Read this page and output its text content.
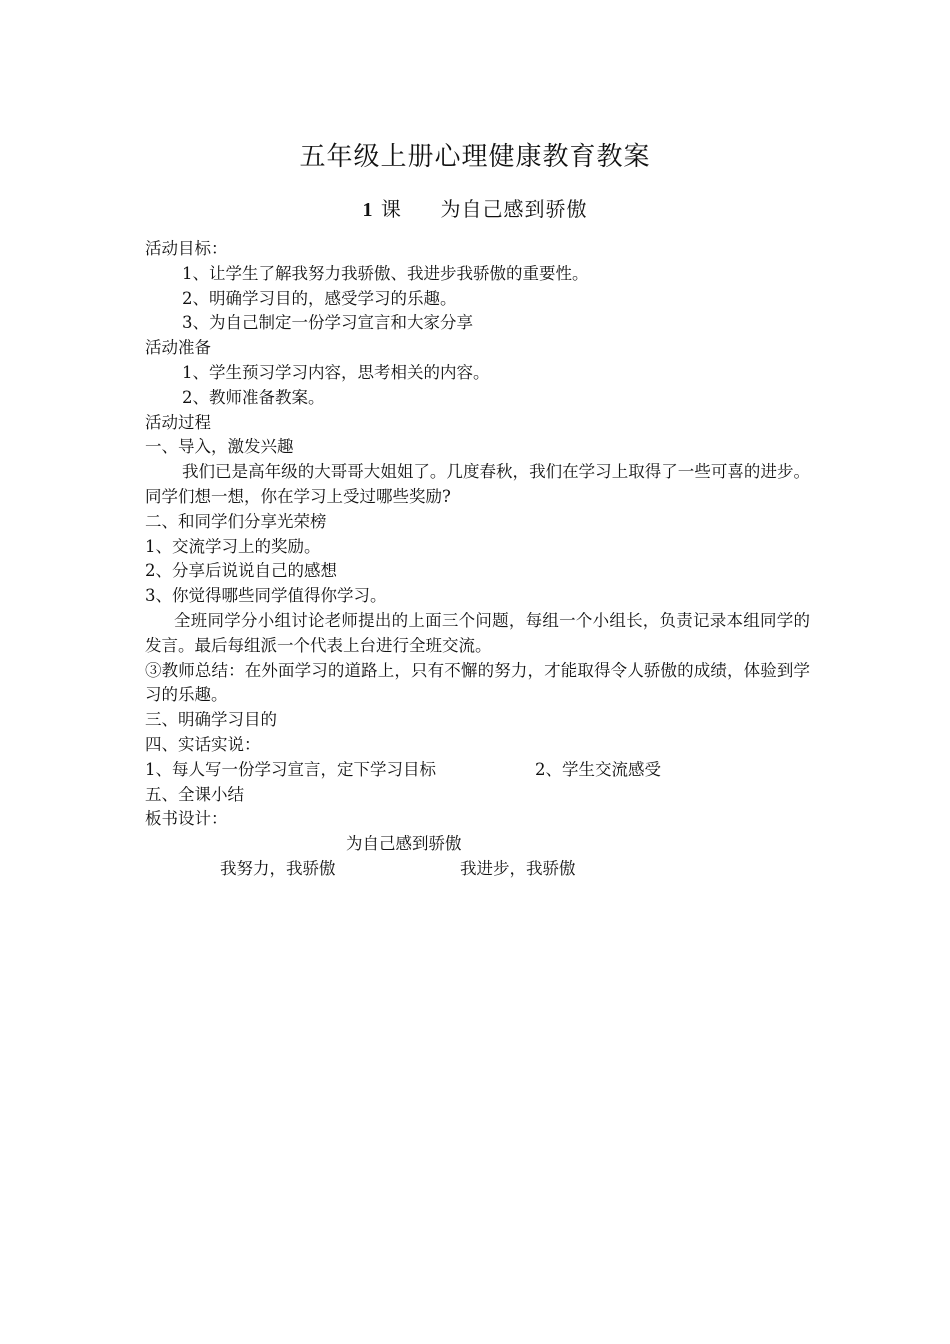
五年级上册心理健康教育教案
1 课 为自己感到骄傲
活动目标：
1、让学生了解我努力我骄傲、我进步我骄傲的重要性。
2、明确学习目的，感受学习的乐趣。
3、为自己制定一份学习宣言和大家分享
活动准备
1、学生预习学习内容，思考相关的内容。
2、教师准备教案。
活动过程
一、导入，激发兴趣
我们已是高年级的大哥哥大姐姐了。几度春秋，我们在学习上取得了一些可喜的进步。同学们想一想，你在学习上受过哪些奖励?
二、和同学们分享光荣榜
1、交流学习上的奖励。
2、分享后说说自己的感想
3、你觉得哪些同学值得你学习。
全班同学分小组讨论老师提出的上面三个问题，每组一个小组长，负责记录本组同学的发言。最后每组派一个代表上台进行全班交流。
③教师总结：在外面学习的道路上，只有不懈的努力，才能取得令人骄傲的成绩，体验到学习的乐趣。
三、明确学习目的
四、实话实说：
1、每人写一份学习宣言，定下学习目标	2、学生交流感受
五、全课小结
板书设计：
为自己感到骄傲
我努力，我骄傲	我进步，我骄傲
